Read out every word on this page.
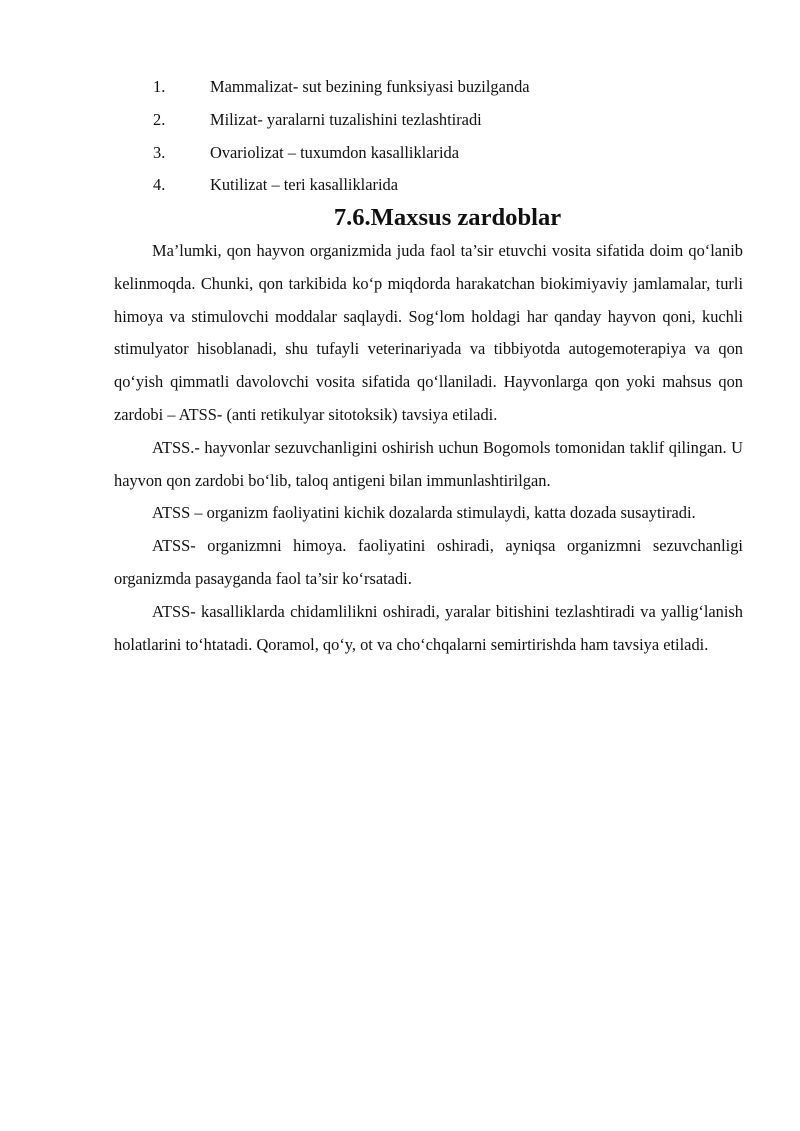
1.	Mammalizat- sut bezining funksiyasi buzilganda
2.	Milizat- yaralarni tuzalishini tezlashtiradi
3.	Ovariolizat – tuxumdon kasalliklarida
4.	Kutilizat – teri kasalliklarida
7.6.Maxsus zardoblar

Ma’lumki, qon hayvon organizmida juda faol ta’sir etuvchi vosita sifatida doim qo‘lanib kelinmoqda. Chunki, qon tarkibida ko‘p miqdorda harakatchan biokimiyaviy jamlamalar, turli himoya va stimulovchi moddalar saqlaydi. Sog‘lom holdagi har qanday hayvon qoni, kuchli stimulyator hisoblanadi, shu tufayli veterinariyada va tibbiyotda autogemoterapiya va qon qo‘yish qimmatli davolovchi vosita sifatida qo‘llaniladi. Hayvonlarga qon yoki mahsus qon zardobi – ATSS- (anti retikulyar sitotoksik) tavsiya etiladi.

ATSS.- hayvonlar sezuvchanligini oshirish uchun Bogomols tomonidan taklif qilingan. U hayvon qon zardobi bo‘lib, taloq antigeni bilan immunlashtirilgan.

ATSS – organizm faoliyatini kichik dozalarda stimulaydi, katta dozada susaytiradi.

ATSS- organizmni himoya. faoliyatini oshiradi, ayniqsa organizmni sezuvchanligi organizmda pasayganda faol ta’sir ko‘rsatadi.

ATSS- kasalliklarda chidamlilikni oshiradi, yaralar bitishini tezlashtiradi va yallig‘lanish holatlarini to‘htatadi. Qoramol, qo‘y, ot va cho‘chqalarni semirtirishda ham tavsiya etiladi.
